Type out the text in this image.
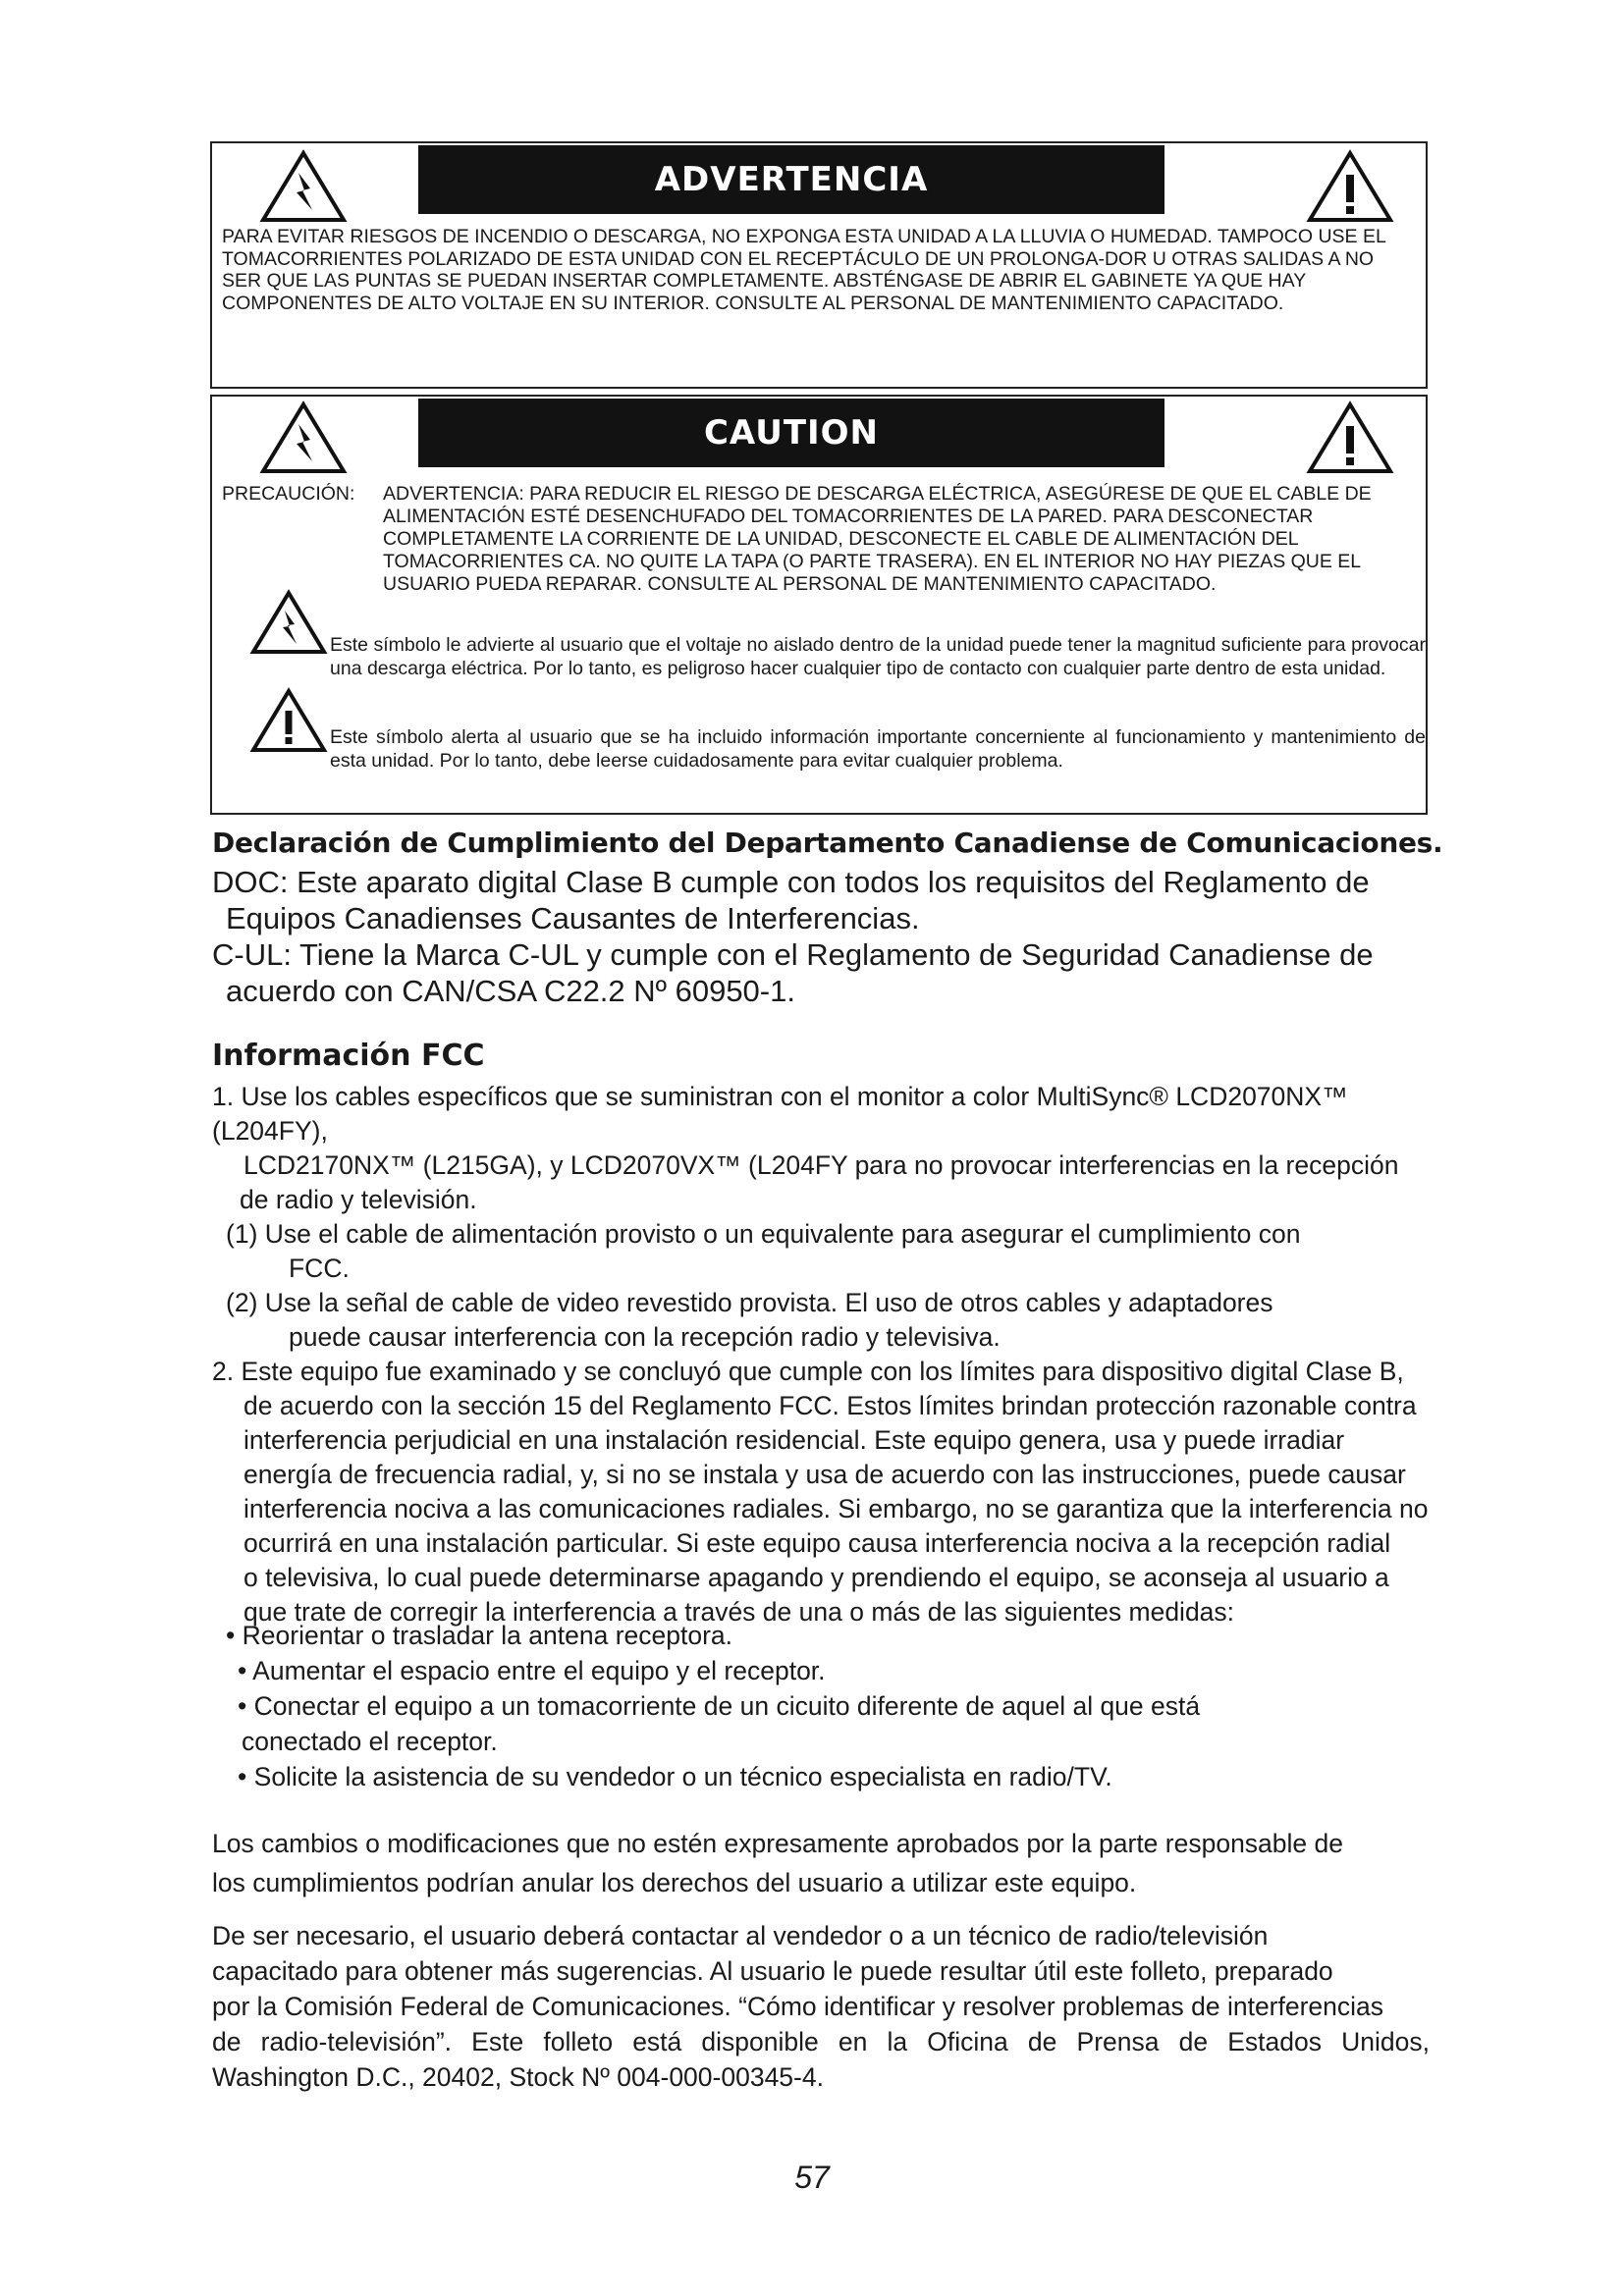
ADVERTENCIA
PARA EVITAR RIESGOS DE INCENDIO O DESCARGA, NO EXPONGA ESTA UNIDAD A LA LLUVIA O HUMEDAD. TAMPOCO USE EL TOMACORRIENTES POLARIZADO DE ESTA UNIDAD CON EL RECEPTÁCULO DE UN PROLONGA-DOR U OTRAS SALIDAS A NO SER QUE LAS PUNTAS SE PUEDAN INSERTAR COMPLETAMENTE. ABSTÉNGASE DE ABRIR EL GABINETE YA QUE HAY COMPONENTES DE ALTO VOLTAJE EN SU INTERIOR. CONSULTE AL PERSONAL DE MANTENIMIENTO CAPACITADO.
CAUTION
PRECAUCIÓN: ADVERTENCIA: PARA REDUCIR EL RIESGO DE DESCARGA ELÉCTRICA, ASEGÚRESE DE QUE EL CABLE DE ALIMENTACIÓN ESTÉ DESENCHUFADO DEL TOMACORRIENTES DE LA PARED. PARA DESCONECTAR COMPLETAMENTE LA CORRIENTE DE LA UNIDAD, DESCONECTE EL CABLE DE ALIMENTACIÓN DEL TOMACORRIENTES CA. NO QUITE LA TAPA (O PARTE TRASERA). EN EL INTERIOR NO HAY PIEZAS QUE EL USUARIO PUEDA REPARAR. CONSULTE AL PERSONAL DE MANTENIMIENTO CAPACITADO.
Este símbolo le advierte al usuario que el voltaje no aislado dentro de la unidad puede tener la magnitud suficiente para provocar una descarga eléctrica. Por lo tanto, es peligroso hacer cualquier tipo de contacto con cualquier parte dentro de esta unidad.
Este símbolo alerta al usuario que se ha incluido información importante concerniente al funcionamiento y mantenimiento de esta unidad. Por lo tanto, debe leerse cuidadosamente para evitar cualquier problema.
Declaración de Cumplimiento del Departamento Canadiense de Comunicaciones.
DOC: Este aparato digital Clase B cumple con todos los requisitos del Reglamento de
Equipos Canadienses Causantes de Interferencias.
C-UL: Tiene la Marca C-UL y cumple con el Reglamento de Seguridad Canadiense de
acuerdo con CAN/CSA C22.2 Nº 60950-1.
Información FCC
1. Use los cables específicos que se suministran con el monitor a color MultiSync® LCD2070NX™ (L204FY),
LCD2170NX™ (L215GA), y LCD2070VX™ (L204FY para no provocar interferencias en la recepción
de radio y televisión.
(1) Use el cable de alimentación provisto o un equivalente para asegurar el cumplimiento con
FCC.
(2) Use la señal de cable de video revestido provista. El uso de otros cables y adaptadores
puede causar interferencia con la recepción radio y televisiva.
2. Este equipo fue examinado y se concluyó que cumple con los límites para dispositivo digital Clase B,
de acuerdo con la sección 15 del Reglamento FCC. Estos límites brindan protección razonable contra
interferencia perjudicial en una instalación residencial. Este equipo genera, usa y puede irradiar
energía de frecuencia radial, y, si no se instala y usa de acuerdo con las instrucciones, puede causar
interferencia nociva a las comunicaciones radiales. Si embargo, no se garantiza que la interferencia no
ocurrirá en una instalación particular. Si este equipo causa interferencia nociva a la recepción radial
o televisiva, lo cual puede determinarse apagando y prendiendo el equipo, se aconseja al usuario a
que trate de corregir la interferencia a través de una o más de las siguientes medidas:
• Reorientar o trasladar la antena receptora.
• Aumentar el espacio entre el equipo y el receptor.
• Conectar el equipo a un tomacorriente de un cicuito diferente de aquel al que está
conectado el receptor.
• Solicite la asistencia de su vendedor o un técnico especialista en radio/TV.
Los cambios o modificaciones que no estén expresamente aprobados por la parte responsable de
los cumplimientos podrían anular los derechos del usuario a utilizar este equipo.
De ser necesario, el usuario deberá contactar al vendedor o a un técnico de radio/televisión
capacitado para obtener más sugerencias. Al usuario le puede resultar útil este folleto, preparado
por la Comisión Federal de Comunicaciones. “Cómo identificar y resolver problemas de interferencias
de radio-televisión”. Este folleto está disponible en la Oficina de Prensa de Estados Unidos,
Washington D.C., 20402, Stock Nº 004-000-00345-4.
57
